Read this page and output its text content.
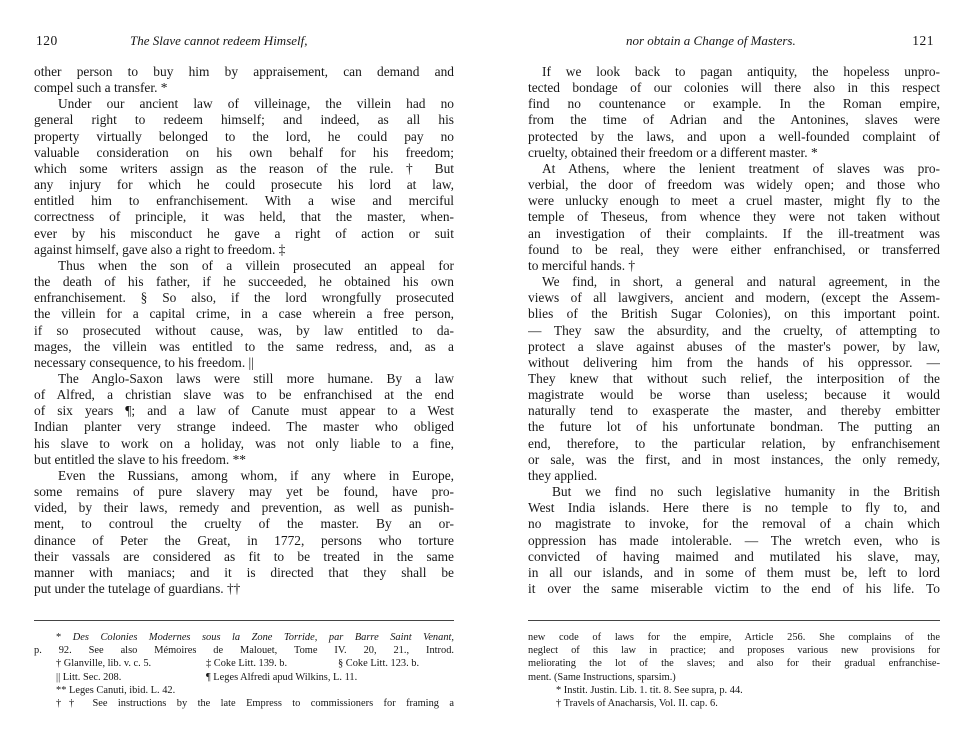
120	The Slave cannot redeem Himself,
other person to buy him by appraisement, can demand and
compel such a transfer. *
Under our ancient law of villeinage, the villein had no
general right to redeem himself; and indeed, as all his
property virtually belonged to the lord, he could pay no
valuable consideration on his own behalf for his freedom;
which some writers assign as the reason of the rule. † But
any injury for which he could prosecute his lord at law,
entitled him to enfranchisement. With a wise and merciful
correctness of principle, it was held, that the master, when-
ever by his misconduct he gave a right of action or suit
against himself, gave also a right to freedom. ‡
Thus when the son of a villein prosecuted an appeal for
the death of his father, if he succeeded, he obtained his own
enfranchisement. § So also, if the lord wrongfully prosecuted
the villein for a capital crime, in a case wherein a free person,
if so prosecuted without cause, was, by law entitled to da-
mages, the villein was entitled to the same redress, and, as a
necessary consequence, to his freedom. ||
The Anglo-Saxon laws were still more humane. By a law
of Alfred, a christian slave was to be enfranchised at the end
of six years ¶; and a law of Canute must appear to a West
Indian planter very strange indeed. The master who obliged
his slave to work on a holiday, was not only liable to a fine,
but entitled the slave to his freedom. **
Even the Russians, among whom, if any where in Europe,
some remains of pure slavery may yet be found, have pro-
vided, by their laws, remedy and prevention, as well as punish-
ment, to controul the cruelty of the master. By an or-
dinance of Peter the Great, in 1772, persons who torture
their vassals are considered as fit to be treated in the same
manner with maniacs; and it is directed that they shall be
put under the tutelage of guardians. ††
* Des Colonies Modernes sous la Zone Torride, par Barre Saint Venant,
p. 92. See also Mémoires de Malouet, Tome IV. 20, 21., Introd.
† Glanville, lib. v. c. 5.	‡ Coke Litt. 139. b.	§ Coke Litt. 123. b.
|| Litt. Sec. 208.	¶ Leges Alfredi apud Wilkins, L. 11.
** Leges Canuti, ibid. L. 42.
†† See instructions by the late Empress to commissioners for framing a
nor obtain a Change of Masters.	121
If we look back to pagan antiquity, the hopeless unpro-
tected bondage of our colonies will there also in this respect
find no countenance or example. In the Roman empire,
from the time of Adrian and the Antonines, slaves were
protected by the laws, and upon a well-founded complaint of
cruelty, obtained their freedom or a different master. *
At Athens, where the lenient treatment of slaves was pro-
verbial, the door of freedom was widely open; and those who
were unlucky enough to meet a cruel master, might fly to the
temple of Theseus, from whence they were not taken without
an investigation of their complaints. If the ill-treatment was
found to be real, they were either enfranchised, or transferred
to merciful hands. †
We find, in short, a general and natural agreement, in the
views of all lawgivers, ancient and modern, (except the Assem-
blies of the British Sugar Colonies), on this important point.
— They saw the absurdity, and the cruelty, of attempting to
protect a slave against abuses of the master's power, by law,
without delivering him from the hands of his oppressor. —
They knew that without such relief, the interposition of the
magistrate would be worse than useless; because it would
naturally tend to exasperate the master, and thereby embitter
the future lot of his unfortunate bondman. The putting an
end, therefore, to the particular relation, by enfranchisement
or sale, was the first, and in most instances, the only remedy,
they applied.
But we find no such legislative humanity in the British
West India islands. Here there is no temple to fly to, and
no magistrate to invoke, for the removal of a chain which
oppression has made intolerable. — The wretch even, who is
convicted of having maimed and mutilated his slave, may,
in all our islands, and in some of them must be, left to lord
it over the same miserable victim to the end of his life. To
new code of laws for the empire, Article 256. She complains of the
neglect of this law in practice; and proposes various new provisions for
meliorating the lot of the slaves; and also for their gradual enfranchise-
ment. (Same Instructions, sparsim.)
* Instit. Justin. Lib. 1. tit. 8. See supra, p. 44.
† Travels of Anacharsis, Vol. II. cap. 6.
